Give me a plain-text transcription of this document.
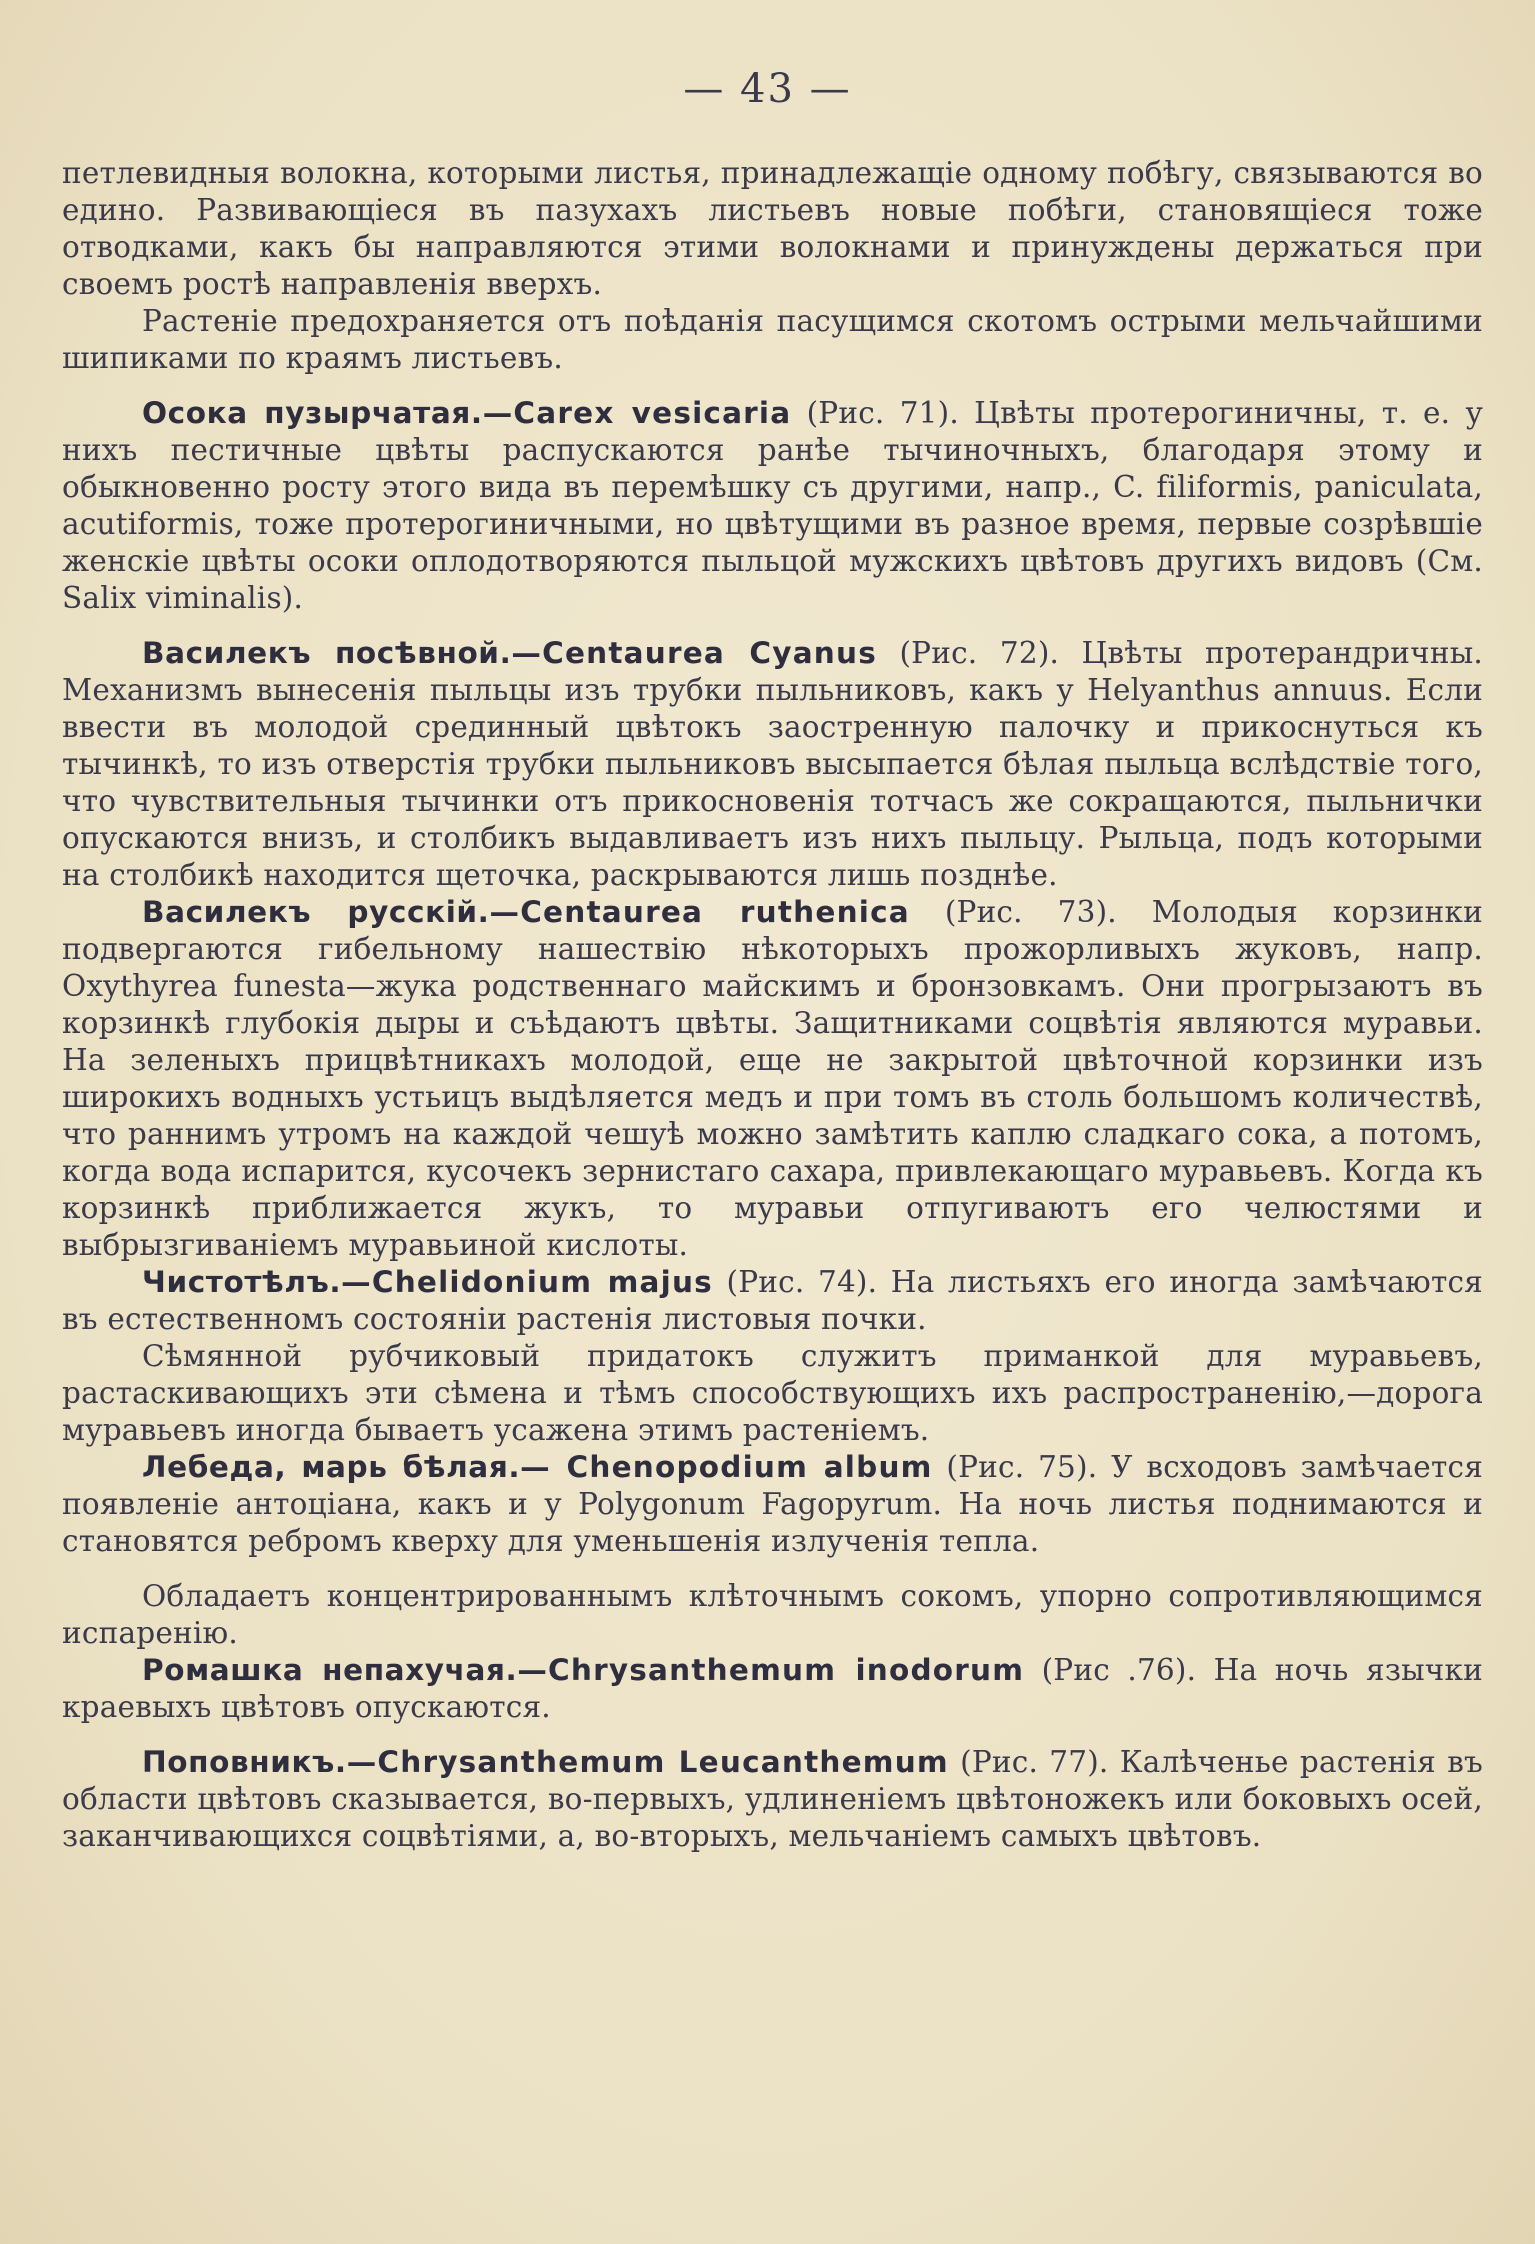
— 43 —

петлевидныя волокна, которыми листья, принадлежащіе одному побѣгу, связываются во едино. Развивающіеся въ пазухахъ листьевъ новые побѣги, становящіеся тоже отводками, какъ бы направляются этими волокнами и принуждены держаться при своемъ ростѣ направленія вверхъ.

Растеніе предохраняется отъ поѣданія пасущимся скотомъ острыми мельчайшими шипиками по краямъ листьевъ.

Осока пузырчатая.—Carex vesicaria (Рис. 71). Цвѣты протерогиничны, т. е. у нихъ пестичные цвѣты распускаются ранѣе тычиночныхъ, благодаря этому и обыкновенно росту этого вида въ перемѣшку съ другими, напр., C. filiformis, paniculata, acutiformis, тоже протерогиничными, но цвѣтущими въ разное время, первые созрѣвшіе женскіе цвѣты осоки оплодотворяются пыльцой мужскихъ цвѣтовъ другихъ видовъ (См. Salix viminalis).

Василекъ посѣвной.—Centaurea Cyanus (Рис. 72). Цвѣты протерандричны. Механизмъ вынесенія пыльцы изъ трубки пыльниковъ, какъ у Helyanthus annuus. Если ввести въ молодой срединный цвѣтокъ заостренную палочку и прикоснуться къ тычинкѣ, то изъ отверстія трубки пыльниковъ высыпается бѣлая пыльца вслѣдствіе того, что чувствительныя тычинки отъ прикосновенія тотчасъ же сокращаются, пыльнички опускаются внизъ, и столбикъ выдавливаетъ изъ нихъ пыльцу. Рыльца, подъ которыми на столбикѣ находится щеточка, раскрываются лишь позднѣе.

Василекъ русскій.—Centaurea ruthenica (Рис. 73). Молодыя корзинки подвергаются гибельному нашествію нѣкоторыхъ прожорливыхъ жуковъ, напр. Oxythyrea funesta—жука родственнаго майскимъ и бронзовкамъ. Они прогрызаютъ въ корзинкѣ глубокія дыры и съѣдаютъ цвѣты. Защитниками соцвѣтія являются муравьи. На зеленыхъ прицвѣтникахъ молодой, еще не закрытой цвѣточной корзинки изъ широкихъ водныхъ устьицъ выдѣляется медъ и при томъ въ столь большомъ количествѣ, что раннимъ утромъ на каждой чешуѣ можно замѣтить каплю сладкаго сока, а потомъ, когда вода испарится, кусочекъ зернистаго сахара, привлекающаго муравьевъ. Когда къ корзинкѣ приближается жукъ, то муравьи отпугиваютъ его челюстями и выбрызгиваніемъ муравьиной кислоты.

Чистотѣлъ.—Chelidonium majus (Рис. 74). На листьяхъ его иногда замѣчаются въ естественномъ состояніи растенія листовыя почки.

Сѣмянной рубчиковый придатокъ служитъ приманкой для муравьевъ, растаскивающихъ эти сѣмена и тѣмъ способствующихъ ихъ распространенію,—дорога муравьевъ иногда бываетъ усажена этимъ растеніемъ.

Лебеда, марь бѣлая.— Chenopodium album (Рис. 75). У всходовъ замѣчается появленіе антоціана, какъ и у Polygonum Fagopyrum. На ночь листья поднимаются и становятся ребромъ кверху для уменьшенія излученія тепла.

Обладаетъ концентрированнымъ клѣточнымъ сокомъ, упорно сопротивляющимся испаренію.

Ромашка непахучая.—Chrysanthemum inodorum (Рис .76). На ночь язычки краевыхъ цвѣтовъ опускаются.

Поповникъ.—Chrysanthemum Leucanthemum (Рис. 77). Калѣченье растенія въ области цвѣтовъ сказывается, во-первыхъ, удлиненіемъ цвѣтоножекъ или боковыхъ осей, заканчивающихся соцвѣтіями, а, во-вторыхъ, мельчаніемъ самыхъ цвѣтовъ.
